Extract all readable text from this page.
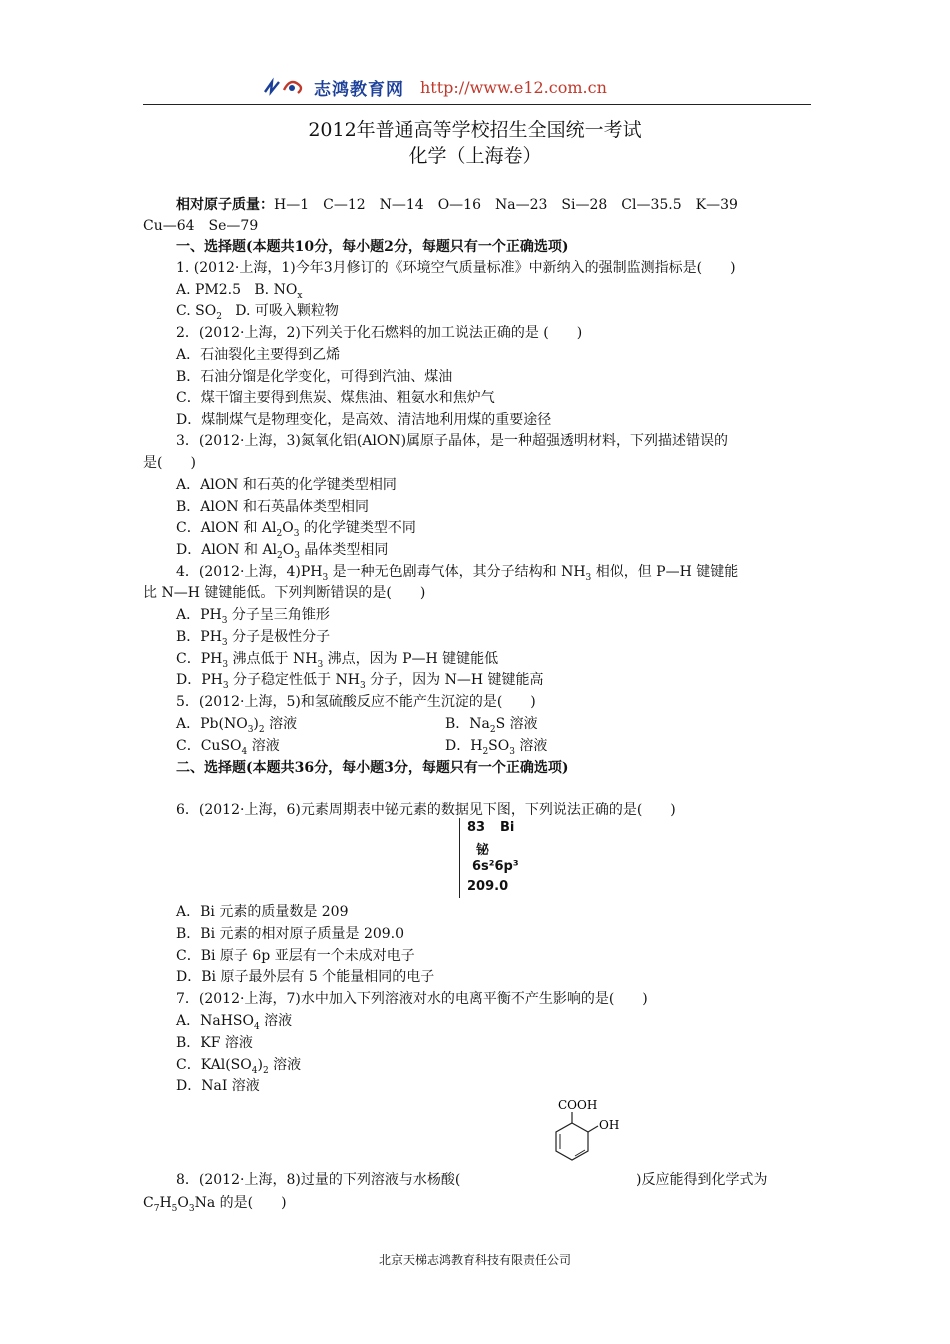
志鸿教育网 http://www.e12.com.cn
2012年普通高等学校招生全国统一考试
化学（上海卷）
相对原子质量：H—1　C—12　N—14　O—16　Na—23　Si—28　Cl—35.5　K—39
Cu—64　Se—79
一、选择题(本题共10分，每小题2分，每题只有一个正确选项)
1. (2012·上海，1)今年3月修订的《环境空气质量标准》中新纳入的强制监测指标是(　　)
A. PM2.5 B. $NO_x$
C. $SO_2$ D. 可吸入颗粒物
2．(2012·上海，2)下列关于化石燃料的加工说法正确的是 (　　)
A．石油裂化主要得到乙烯
B．石油分馏是化学变化，可得到汽油、煤油
C．煤干馏主要得到焦炭、煤焦油、粗氨水和焦炉气
D．煤制煤气是物理变化，是高效、清洁地利用煤的重要途径
3．(2012·上海，3)氮氧化铝(AlON)属原子晶体，是一种超强透明材料，下列描述错误的
是(　　)
A．AlON 和石英的化学键类型相同
B．AlON 和石英晶体类型相同
C．AlON 和 $Al_2O_3$ 的化学键类型不同
D．AlON 和 $Al_2O_3$ 晶体类型相同
4．(2012·上海，$4)PH_3$ 是一种无色剧毒气体，其分子结构和 $NH_3$ 相似，但 P—H 键键能
比 N—H 键键能低。下列判断错误的是(　　)
A．$PH_3$ 分子呈三角锥形
B．$PH_3$ 分子是极性分子
C．$PH_3$ 沸点低于 $NH_3$ 沸点，因为 P—H 键键能低
D．$PH_3$ 分子稳定性低于 $NH_3$ 分子，因为 N—H 键键能高
5．(2012·上海，5)和氢硫酸反应不能产生沉淀的是(　　)
A．$Pb(NO_3)_2$ 溶液	B．$Na_2S$ 溶液
C．CuSO$_4$ 溶液	D．$H_2SO_3$ 溶液
二、选择题(本题共36分，每小题3分，每题只有一个正确选项)
6．(2012·上海，6)元素周期表中铋元素的数据见下图，下列说法正确的是(　　)
83 Bi
铋
6s²6p³
209.0
A．Bi 元素的质量数是 209
B．Bi 元素的相对原子质量是 209.0
C．Bi 原子 6p 亚层有一个未成对电子
D．Bi 原子最外层有 5 个能量相同的电子
7．(2012·上海，7)水中加入下列溶液对水的电离平衡不产生影响的是(　　)
A．NaHSO$_4$ 溶液
B．KF 溶液
C．$KAl(SO_4)_2$ 溶液
D．NaI 溶液
COOH
OH
8．(2012·上海，8)过量的下列溶液与水杨酸(	)反应能得到化学式为
$C_7H_5O_3Na$ 的是(　　)
北京天梯志鸿教育科技有限责任公司
